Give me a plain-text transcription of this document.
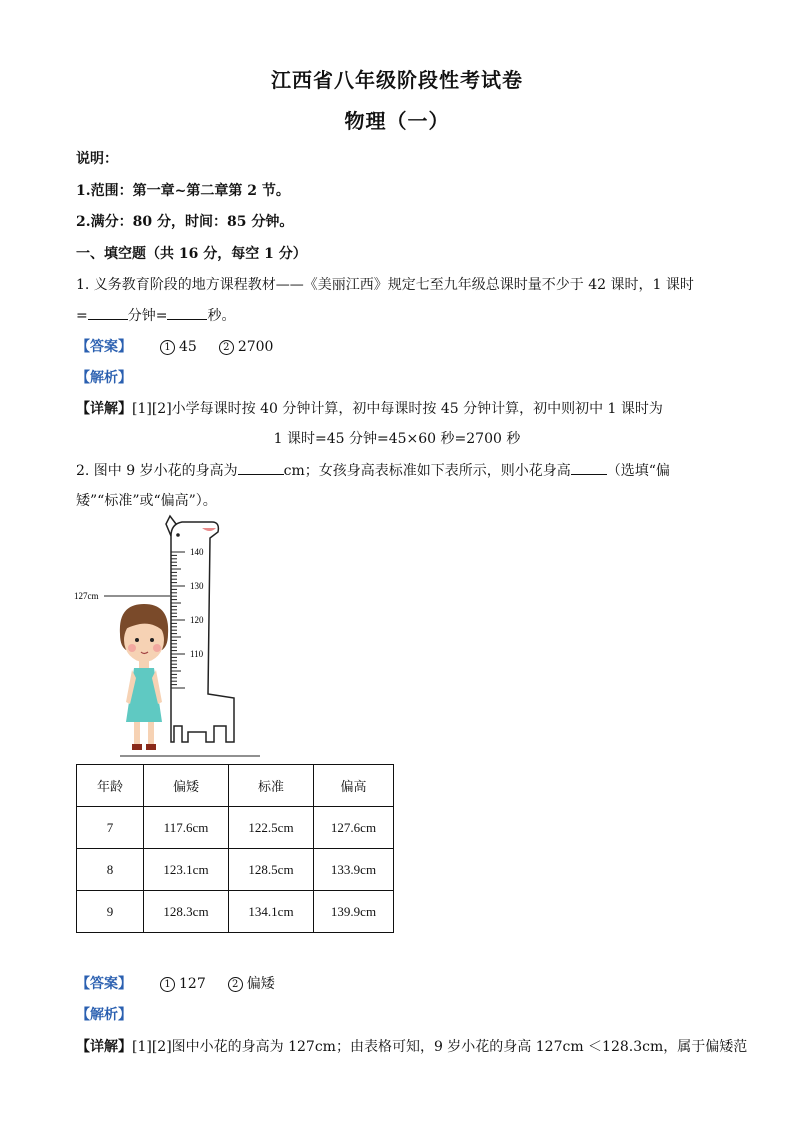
江西省八年级阶段性考试卷
物理（一）
说明：
1.范围：第一章~第二章第 2 节。
2.满分：80 分，时间：85 分钟。
一、填空题（共 16 分，每空 1 分）
1. 义务教育阶段的地方课程教材——《美丽江西》规定七至九年级总课时量不少于 42 课时，1 课时
=	分钟=	秒。
【答案】	1 45	2 2700
【解析】
【详解】[1][2]小学每课时按 40 分钟计算，初中每课时按 45 分钟计算，初中则初中 1 课时为
1 课时=45 分钟=45×60 秒=2700 秒
2. 图中 9 岁小花的身高为	cm；女孩身高表标准如下表所示，则小花身高	（选填“偏
矮”“标准”或“偏高”）。
140
130
120
110
127cm
年龄	偏矮	标准	偏高
7	117.6cm	122.5cm	127.6cm
8	123.1cm	128.5cm	133.9cm
9	128.3cm	134.1cm	139.9cm
【答案】	1 127	2 偏矮
【解析】
【详解】[1][2]图中小花的身高为 127cm；由表格可知，9 岁小花的身高 127cm ＜128.3cm，属于偏矮范
